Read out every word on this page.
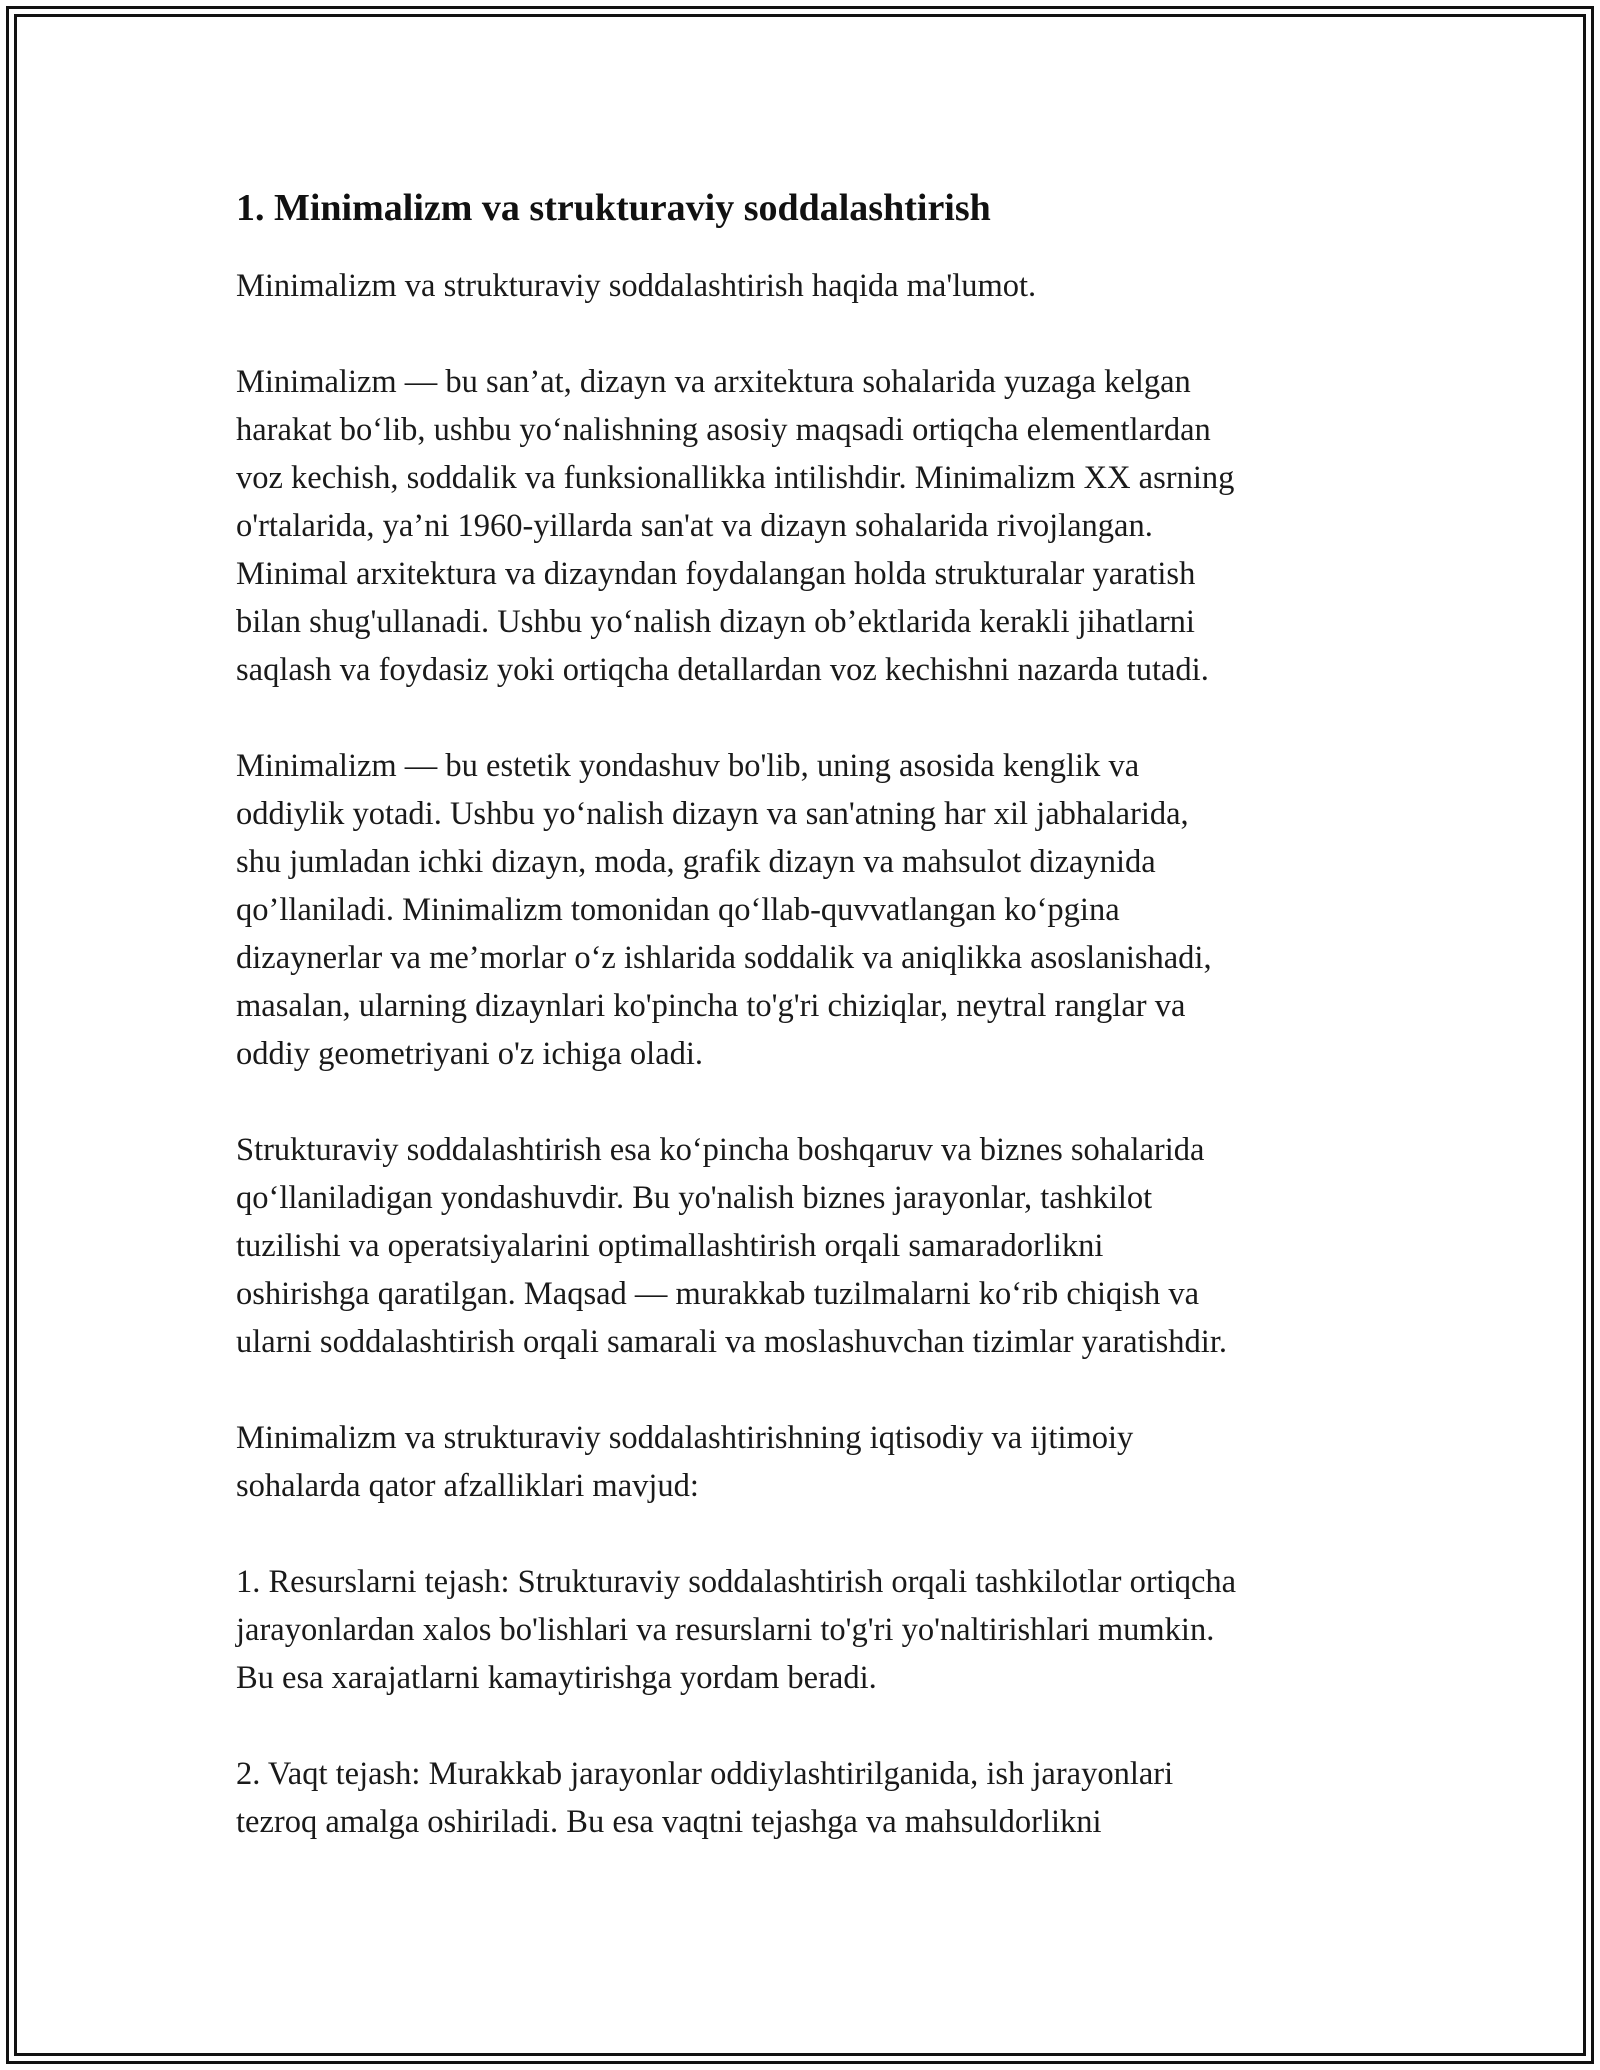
1. Minimalizm va strukturaviy soddalashtirish
Minimalizm va strukturaviy soddalashtirish haqida ma'lumot.
Minimalizm — bu san’at, dizayn va arxitektura sohalarida yuzaga kelgan
harakat bo‘lib, ushbu yo‘nalishning asosiy maqsadi ortiqcha elementlardan
voz kechish, soddalik va funksionallikka intilishdir. Minimalizm XX asrning
o'rtalarida, ya’ni 1960-yillarda san'at va dizayn sohalarida rivojlangan.
Minimal arxitektura va dizayndan foydalangan holda strukturalar yaratish
bilan shug'ullanadi. Ushbu yo‘nalish dizayn ob’ektlarida kerakli jihatlarni
saqlash va foydasiz yoki ortiqcha detallardan voz kechishni nazarda tutadi.
Minimalizm — bu estetik yondashuv bo'lib, uning asosida kenglik va
oddiylik yotadi. Ushbu yo‘nalish dizayn va san'atning har xil jabhalarida,
shu jumladan ichki dizayn, moda, grafik dizayn va mahsulot dizaynida
qo’llaniladi. Minimalizm tomonidan qo‘llab-quvvatlangan ko‘pgina
dizaynerlar va me’morlar o‘z ishlarida soddalik va aniqlikka asoslanishadi,
masalan, ularning dizaynlari ko'pincha to'g'ri chiziqlar, neytral ranglar va
oddiy geometriyani o'z ichiga oladi.
Strukturaviy soddalashtirish esa ko‘pincha boshqaruv va biznes sohalarida
qo‘llaniladigan yondashuvdir. Bu yo'nalish biznes jarayonlar, tashkilot
tuzilishi va operatsiyalarini optimallashtirish orqali samaradorlikni
oshirishga qaratilgan. Maqsad — murakkab tuzilmalarni ko‘rib chiqish va
ularni soddalashtirish orqali samarali va moslashuvchan tizimlar yaratishdir.
Minimalizm va strukturaviy soddalashtirishning iqtisodiy va ijtimoiy
sohalarda qator afzalliklari mavjud:
1. Resurslarni tejash: Strukturaviy soddalashtirish orqali tashkilotlar ortiqcha
jarayonlardan xalos bo'lishlari va resurslarni to'g'ri yo'naltirishlari mumkin.
Bu esa xarajatlarni kamaytirishga yordam beradi.
2. Vaqt tejash: Murakkab jarayonlar oddiylashtirilganida, ish jarayonlari
tezroq amalga oshiriladi. Bu esa vaqtni tejashga va mahsuldorlikni
